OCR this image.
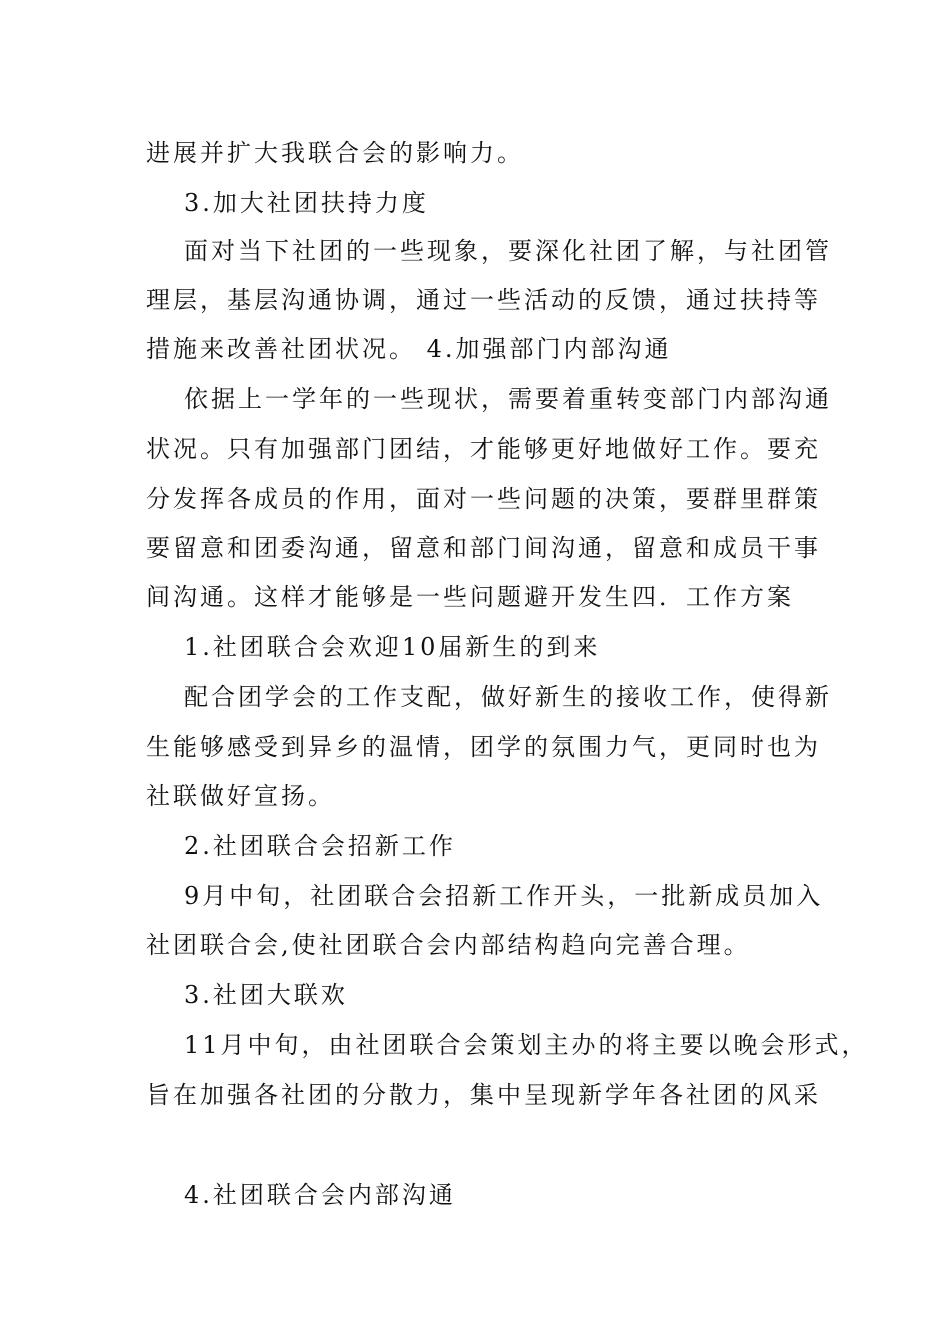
进展并扩大我联合会的影响力。
3.加大社团扶持力度
面对当下社团的一些现象，要深化社团了解，与社团管
理层，基层沟通协调，通过一些活动的反馈，通过扶持等
措施来改善社团状况。 4.加强部门内部沟通
依据上一学年的一些现状，需要着重转变部门内部沟通
状况。只有加强部门团结，才能够更好地做好工作。要充
分发挥各成员的作用，面对一些问题的决策，要群里群策
要留意和团委沟通，留意和部门间沟通，留意和成员干事
间沟通。这样才能够是一些问题避开发生四．工作方案
1.社团联合会欢迎10届新生的到来
配合团学会的工作支配，做好新生的接收工作，使得新
生能够感受到异乡的温情，团学的氛围力气，更同时也为
社联做好宣扬。
2.社团联合会招新工作
9月中旬，社团联合会招新工作开头，一批新成员加入
社团联合会,使社团联合会内部结构趋向完善合理。
3.社团大联欢
11月中旬，由社团联合会策划主办的将主要以晚会形式，
旨在加强各社团的分散力，集中呈现新学年各社团的风采
4.社团联合会内部沟通
